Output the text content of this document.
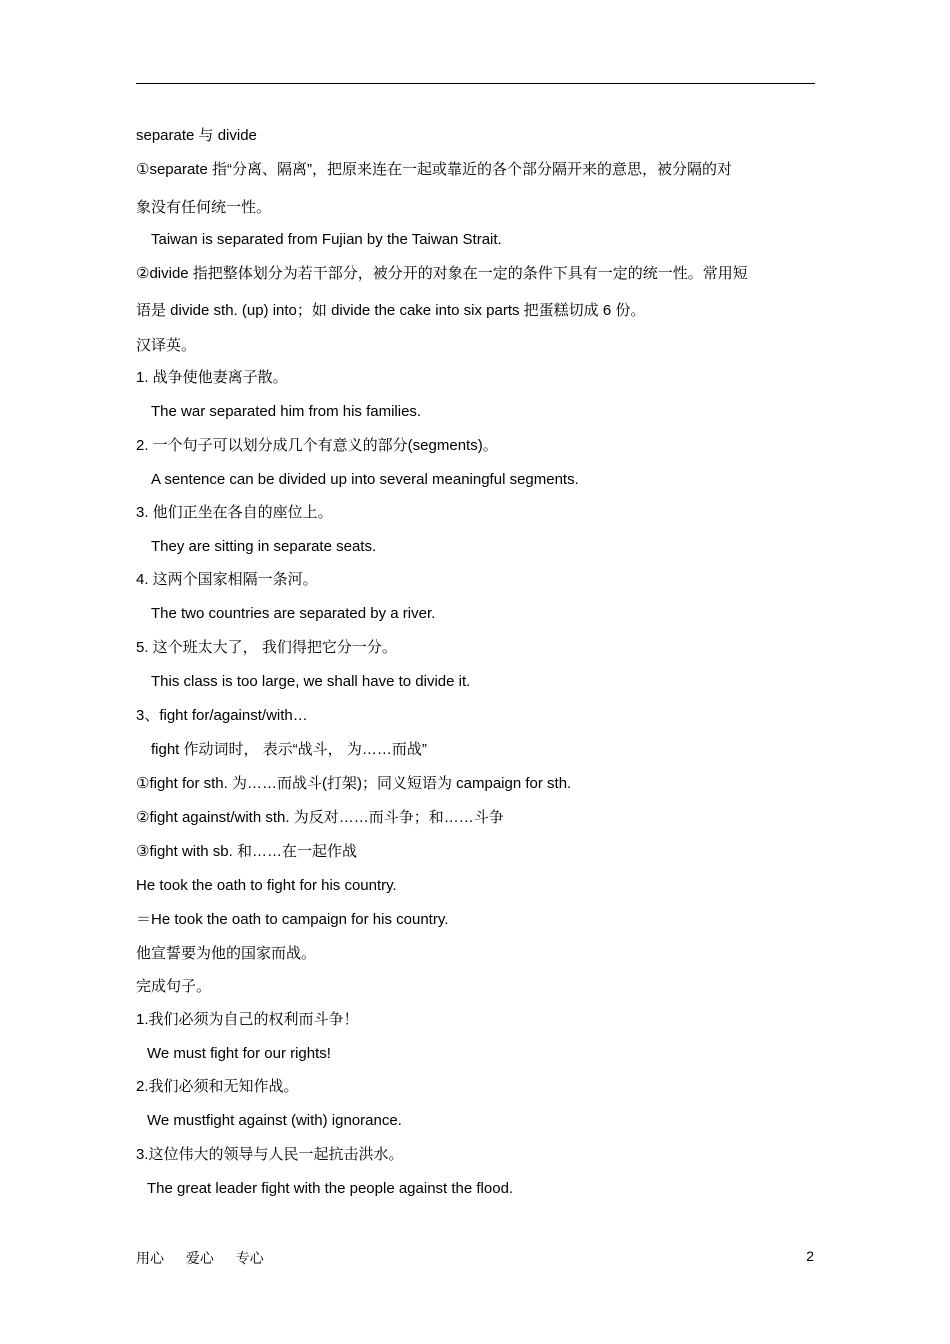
separate 与 divide
①separate 指“分离、隔离”，把原来连在一起或靠近的各个部分隔开来的意思，被分隔的对
象没有任何统一性。
Taiwan is separated from Fujian by the Taiwan Strait.
②divide 指把整体划分为若干部分，被分开的对象在一定的条件下具有一定的统一性。常用短
语是 divide sth. (up) into；如 divide the cake into six parts 把蛋糕切成 6 份。
汉译英。
1. 战争使他妻离子散。
The war separated him from his families.
2. 一个句子可以划分成几个有意义的部分(segments)。
A sentence can be divided up into several meaningful segments.
3. 他们正坐在各自的座位上。
They are sitting in separate seats.
4. 这两个国家相隔一条河。
The two countries are separated by a river.
5. 这个班太大了， 我们得把它分一分。
This class is too large, we shall have to divide it.
3、fight for/against/with…
fight 作动词时， 表示“战斗， 为……而战”
①fight for sth. 为……而战斗(打架)；同义短语为 campaign for sth.
②fight against/with sth. 为反对……而斗争；和……斗争
③fight with sb. 和……在一起作战
He took the oath to fight for his country.
＝He took the oath to campaign for his country.
他宣誓要为他的国家而战。
完成句子。
1.我们必须为自己的权利而斗争！
We must fight for our rights!
2.我们必须和无知作战。
We mustfight against (with) ignorance.
3.这位伟大的领导与人民一起抗击洪水。
The great leader fight with the people against the flood.
用心 爱心 专心	2
